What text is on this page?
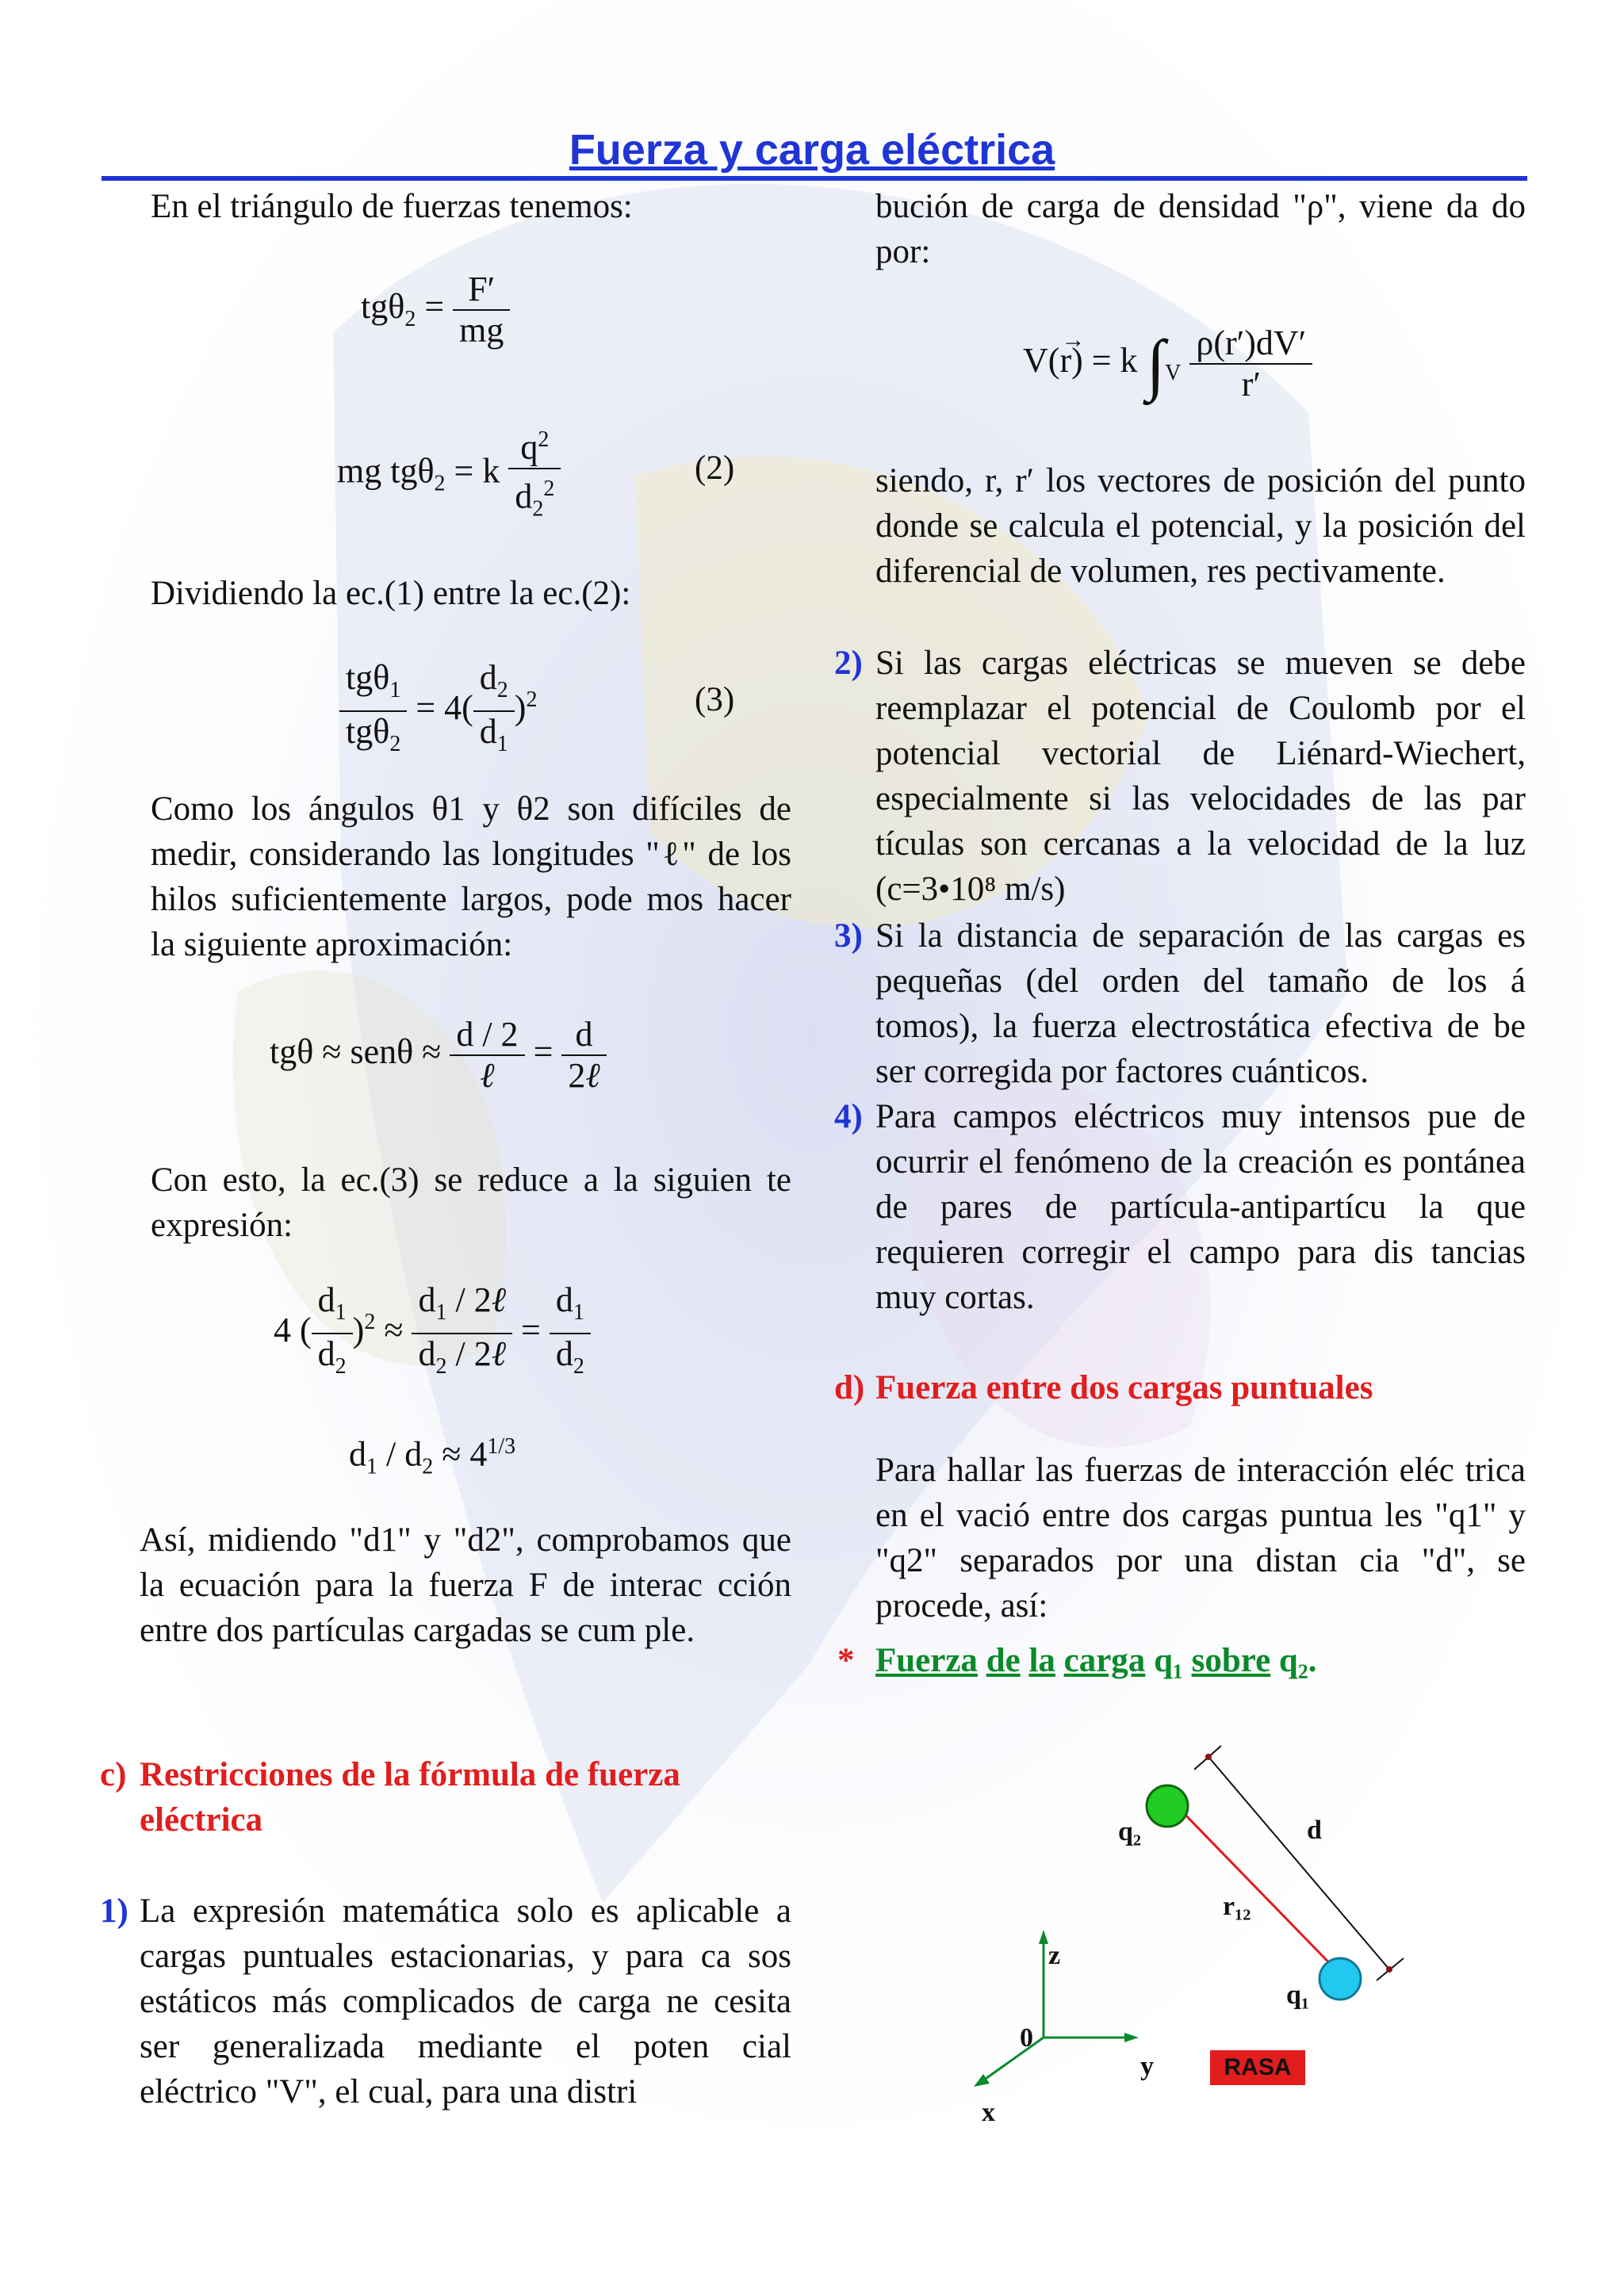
Fuerza y carga eléctrica
En el triángulo de fuerzas tenemos:
$tg\theta_2 = \frac{F'}{mg}$
mg tgθ$_2$ = k $\frac{q^2}{d_2^2}$	(2)
Dividiendo la ec.(1) entre la ec.(2):
$\frac{tg\theta_1}{tg\theta_2} = 4( \frac{d_2}{d_1} )^2$	(3)
Como los ángulos θ1 y θ2 son difíciles de medir, considerando las longitudes "ℓ" de los hilos suficientemente largos, pode mos hacer la siguiente aproximación:
$tg\theta \approx sen\theta \approx \frac{d / 2}{\text{ℓ}} = \frac{d}{\text{2ℓ}}$
Con esto, la ec.(3) se reduce a la siguien te expresión:
4 ( $\frac{d_1}{d_2} )^2 \approx \frac{d_1 / 2\ell}{d_2 / 2\ell} = \frac{d_1}{d_2}$
$d_1 / d_2 \approx 4^{1/3}$
Así, midiendo "d1" y "d2", comprobamos que la ecuación para la fuerza F de interac cción entre dos partículas cargadas se cum ple.
c) Restricciones de la fórmula de fuerza eléctrica
1) La expresión matemática solo es aplicable a cargas puntuales estacionarias, y para ca sos estáticos más complicados de carga ne cesita ser generalizada mediante el poten cial eléctrico "V", el cual, para una distri
bución de carga de densidad "ρ", viene da do por:
V(r
→
) = k $\int_V \frac{\rho(r')dV'}{r'}$
siendo, r, r′ los vectores de posición del punto donde se calcula el potencial, y la posición del diferencial de volumen, res pectivamente.
2) Si las cargas eléctricas se mueven se debe reemplazar el potencial de Coulomb por el potencial vectorial de Liénard-Wiechert, especialmente si las velocidades de las par tículas son cercanas a la velocidad de la luz (c=3•10⁸ m/s)
3) Si la distancia de separación de las cargas es pequeñas (del orden del tamaño de los á tomos), la fuerza electrostática efectiva de be ser corregida por factores cuánticos.
4) Para campos eléctricos muy intensos pue de ocurrir el fenómeno de la creación es pontánea de pares de partícula-antipartícu la que requieren corregir el campo para dis tancias muy cortas.
d) Fuerza entre dos cargas puntuales
Para hallar las fuerzas de interacción eléc trica en el vació entre dos cargas puntua les "q1" y "q2" separados por una distan cia "d", se procede, así:
* Fuerza de la carga q₁ sobre q₂.
q₂	d
r₁₂
q₁
z
0
y
x
RASA
